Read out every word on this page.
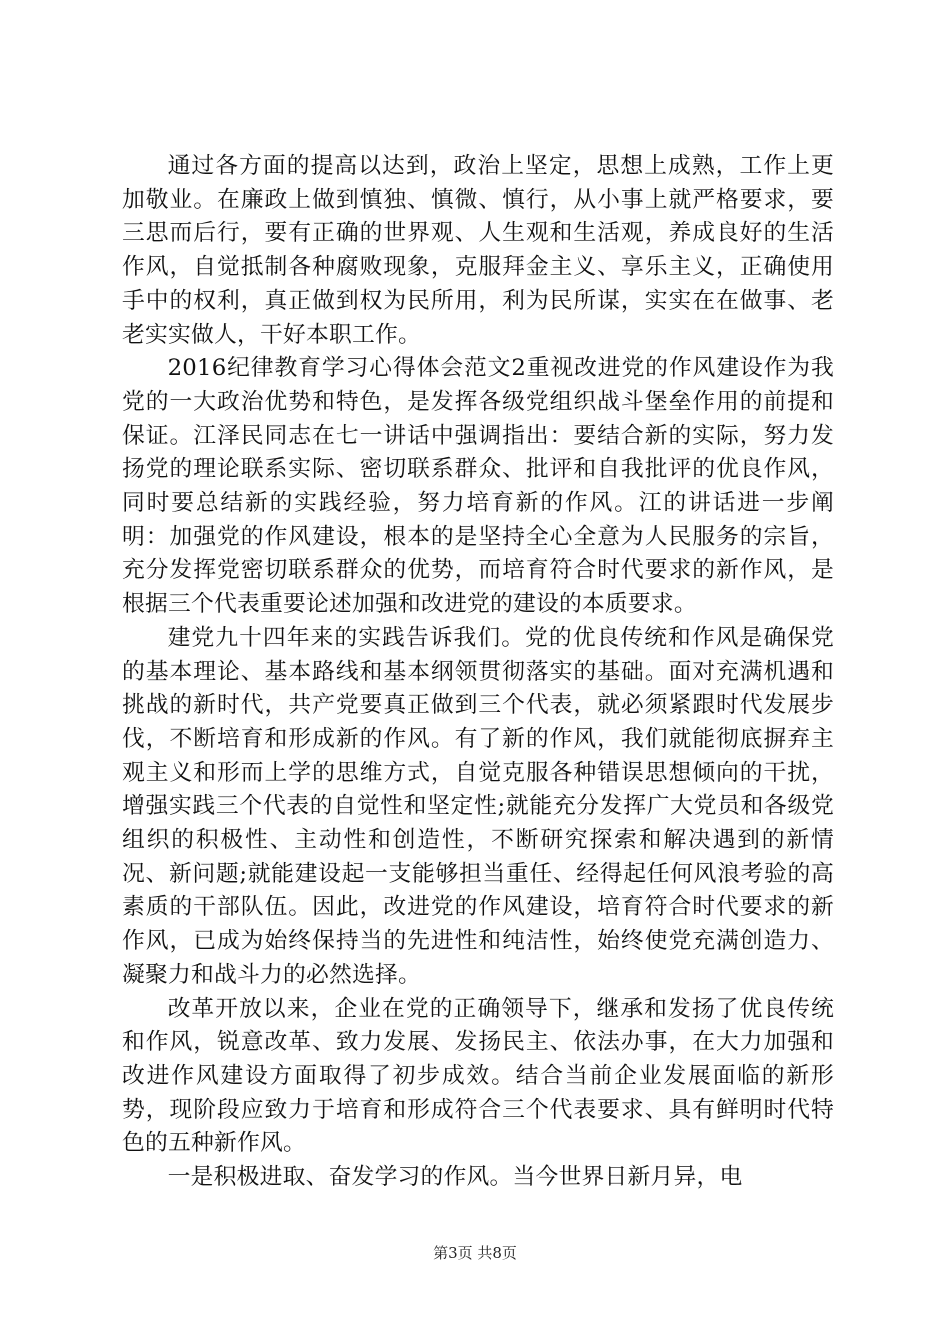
通过各方面的提高以达到，政治上坚定，思想上成熟，工作上更加敬业。在廉政上做到慎独、慎微、慎行，从小事上就严格要求，要三思而后行，要有正确的世界观、人生观和生活观，养成良好的生活作风，自觉抵制各种腐败现象，克服拜金主义、享乐主义，正确使用手中的权利，真正做到权为民所用，利为民所谋，实实在在做事、老老实实做人，干好本职工作。

2016纪律教育学习心得体会范文2重视改进党的作风建设作为我党的一大政治优势和特色，是发挥各级党组织战斗堡垒作用的前提和保证。江泽民同志在七一讲话中强调指出：要结合新的实际，努力发扬党的理论联系实际、密切联系群众、批评和自我批评的优良作风，同时要总结新的实践经验，努力培育新的作风。江的讲话进一步阐明：加强党的作风建设，根本的是坚持全心全意为人民服务的宗旨，充分发挥党密切联系群众的优势，而培育符合时代要求的新作风，是根据三个代表重要论述加强和改进党的建设的本质要求。

建党九十四年来的实践告诉我们。党的优良传统和作风是确保党的基本理论、基本路线和基本纲领贯彻落实的基础。面对充满机遇和挑战的新时代，共产党要真正做到三个代表，就必须紧跟时代发展步伐，不断培育和形成新的作风。有了新的作风，我们就能彻底摒弃主观主义和形而上学的思维方式，自觉克服各种错误思想倾向的干扰，增强实践三个代表的自觉性和坚定性;就能充分发挥广大党员和各级党组织的积极性、主动性和创造性，不断研究探索和解决遇到的新情况、新问题;就能建设起一支能够担当重任、经得起任何风浪考验的高素质的干部队伍。因此，改进党的作风建设，培育符合时代要求的新作风，已成为始终保持当的先进性和纯洁性，始终使党充满创造力、凝聚力和战斗力的必然选择。

改革开放以来，企业在党的正确领导下，继承和发扬了优良传统和作风，锐意改革、致力发展、发扬民主、依法办事，在大力加强和改进作风建设方面取得了初步成效。结合当前企业发展面临的新形势，现阶段应致力于培育和形成符合三个代表要求、具有鲜明时代特色的五种新作风。

一是积极进取、奋发学习的作风。当今世界日新月异，电

第3页 共8页
